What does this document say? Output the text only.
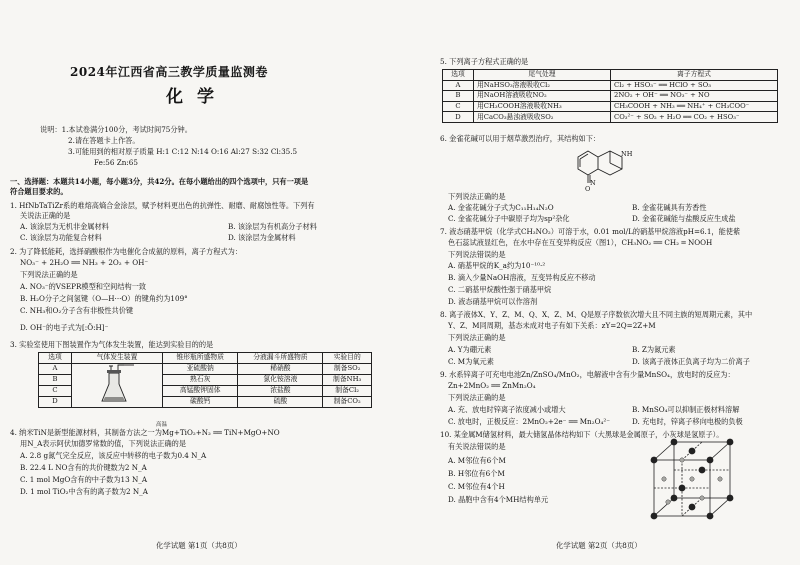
2024年江西省高三教学质量监测卷
化学
说明：1.本试卷满分100分，考试时间75分钟。
2.请在答题卡上作答。
3.可能用到的相对原子质量 H:1 C:12 N:14 O:16 Al:27 S:32 Cl:35.5
Fe:56 Zn:65
一、选择题：本题共14小题，每小题3分，共42分。在每小题给出的四个选项中，只有一项是
符合题目要求的。
1. HfNbTaTiZr系的难熔高熵合金涂层，赋予材料更出色的抗弹性、耐磨、耐腐蚀性等。下列有
关说法正确的是
A. 该涂层为无机非金属材料	B. 该涂层为有机高分子材料
C. 该涂层为功能复合材料	D. 该涂层为金属材料
2. 为了降低能耗，选择硝酸根作为电催化合成氨的原料，离子方程式为：
NO₃⁻ + 2H₂O ══ NH₃ + 2O₂ + OH⁻
下列说法正确的是
A. NO₃⁻的VSEPR模型和空间结构一致
B. H₂O分子之间氢键（O—H···O）的键角约为109°
C. NH₃和O₂分子含有非极性共价键
D. OH⁻的电子式为[:Ö:H]⁻
3. 实验室使用下图装置作为气体发生装置，能达到实验目的的是
选项	气体发生装置	锥形瓶所盛物质	分液漏斗所盛物质	实验目的
A		亚硫酸钠	稀硝酸	制备SO₂
B		熟石灰	氯化铵溶液	制备NH₃
C		高锰酸钾固体	浓盐酸	制备Cl₂
D		碳酸钙	硫酸	制备CO₂
高温
4. 纳米TiN是新型能源材料，其制备方法之一为Mg+TiO₂+N₂ ══ TiN+MgO+NO
用N_A表示阿伏加德罗常数的值，下列说法正确的是
A. 2.8 g氮气完全反应，该反应中转移的电子数为0.4 N_A
B. 22.4 L NO含有的共价键数为2 N_A
C. 1 mol MgO含有的中子数为13 N_A
D. 1 mol TiO₂中含有的离子数为2 N_A
化学试题 第1页（共8页）
5. 下列离子方程式正确的是
选项	尾气处理	离子方程式
A	用NaHSO₃溶液吸收Cl₂	Cl₂ + HSO₃⁻ ══ HClO + SO₃
B	用NaOH溶液吸收NO₂	2NO₂ + OH⁻ ══ NO₃⁻ + NO
C	用CH₃COOH溶液吸收NH₃	CH₃COOH + NH₃ ══ NH₄⁺ + CH₃COO⁻
D	用CaCO₃悬浊液吸收SO₂	CO₃²⁻ + SO₂ + H₂O ══ CO₂ + HSO₃⁻
6. 金雀花碱可以用于烟草激烈治疗，其结构如下：
NH
N
O
下列说法正确的是
A. 金雀花碱分子式为C₁₁H₁₄N₂O	B. 金雀花碱具有芳香性
C. 金雀花碱分子中碳原子均为sp²杂化	D. 金雀花碱能与盐酸反应生成盐
7. 液态硝基甲烷（化学式CH₃NO₂）可溶于水，0.01 mol/L的硝基甲烷溶液pH=6.1，能使紫
色石蕊试液显红色，在水中存在互变异构反应（图1），CH₃NO₂ ══ CH₂ ═ NOOH
下列说法错误的是
A. 硝基甲烷的K_a约为10⁻¹⁰·²
B. 滴入少量NaOH溶液，互变异构反应不移动
C. 二硝基甲烷酸性强于硝基甲烷
D. 液态硝基甲烷可以作溶剂
8. 离子液体X、Y、Z、M、Q、X、Z、M、Q是原子序数依次增大且不同主族的短周期元素，其中
Y、Z、M同周期，基态未成对电子有如下关系：zY=2Q=2Z+M
下列说法正确的是
A. Y为硼元素	B. Z为氮元素
C. M为氧元素	D. 该离子液体正负离子均为二价离子
9. 水系锌离子可充电电池Zn/ZnSO₄/MnO₂，电解液中含有少量MnSO₄，放电时的反应为：
Zn+2MnO₂ ══ ZnMn₂O₄
下列说法正确的是
A. 充、放电时锌离子浓度减小或增大	B. MnSO₄可以抑制正极材料溶解
C. 放电时，正极反应：2MnO₂+2e⁻ ══ Mn₂O₄²⁻	D. 充电时，锌离子移向电极的负极
10. 某金属M储氢材料，最大储氢晶体结构如下（大黑球是金属原子，小灰球是氢原子）。
有关说法错误的是
A. M邻位有6个M
B. H邻位有6个M
C. M邻位有4个H
D. 晶胞中含有4个MH结构单元
化学试题 第2页（共8页）
